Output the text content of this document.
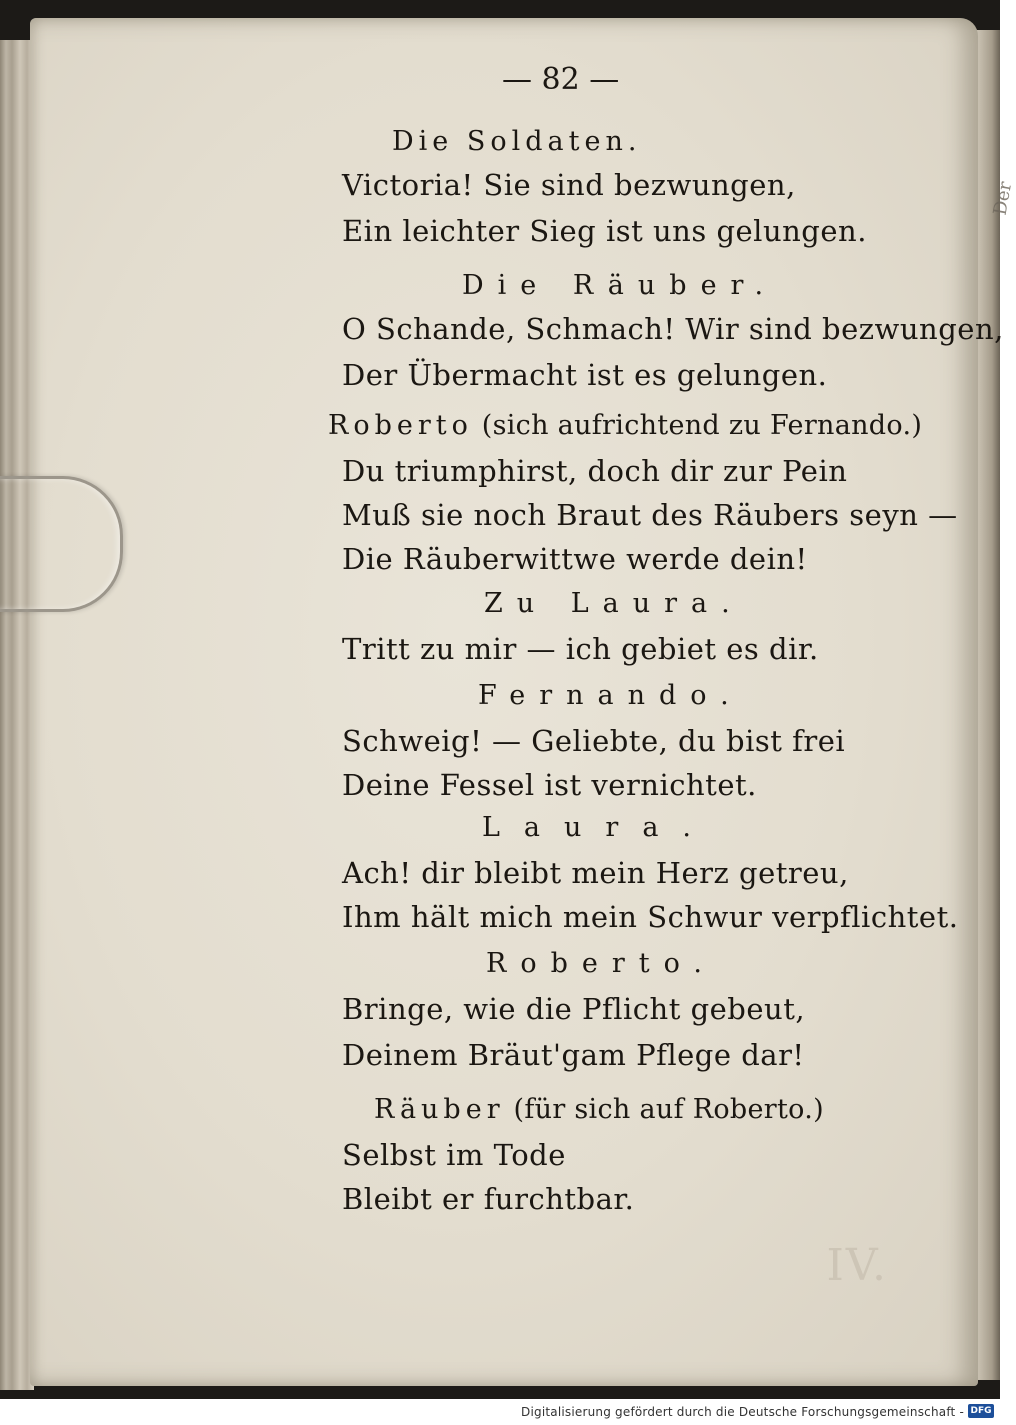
Der
IV.
— 82 —
Die Soldaten.
Victoria! Sie sind bezwungen,
Ein leichter Sieg ist uns gelungen.
Die Räuber.
O Schande, Schmach! Wir sind bezwungen,
Der Übermacht ist es gelungen.
Roberto (sich aufrichtend zu Fernando.)
Du triumphirst, doch dir zur Pein
Muß sie noch Braut des Räubers seyn —
Die Räuberwittwe werde dein!
Zu Laura.
Tritt zu mir — ich gebiet es dir.
Fernando.
Schweig! — Geliebte, du bist frei
Deine Fessel ist vernichtet.
Laura.
Ach! dir bleibt mein Herz getreu,
Ihm hält mich mein Schwur verpflichtet.
Roberto.
Bringe, wie die Pflicht gebeut,
Deinem Bräut'gam Pflege dar!
Räuber (für sich auf Roberto.)
Selbst im Tode
Bleibt er furchtbar.
Digitalisierung gefördert durch die Deutsche Forschungsgemeinschaft - DFG
